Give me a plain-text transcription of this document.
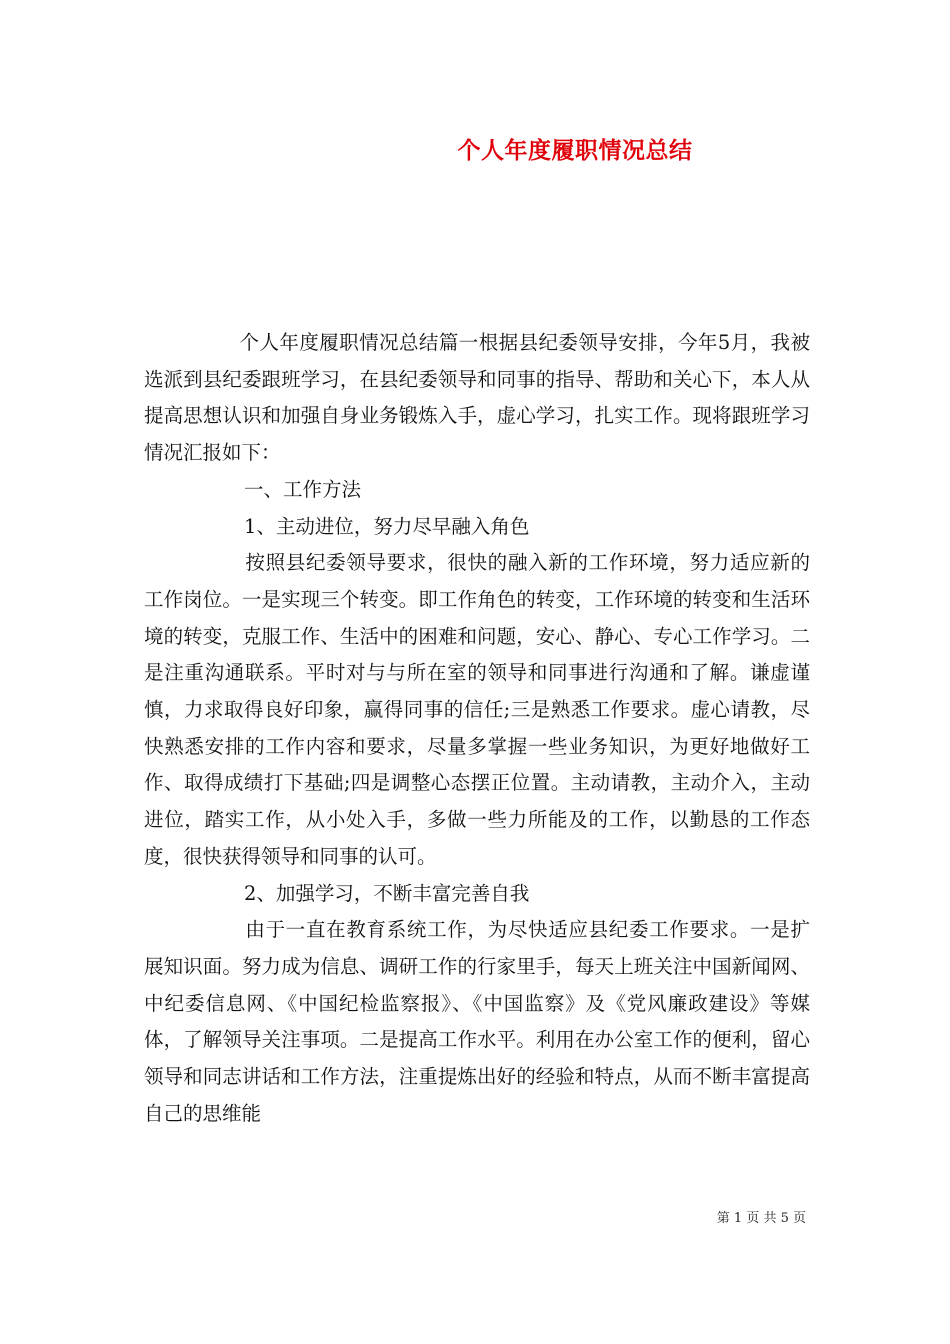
个人年度履职情况总结

个人年度履职情况总结篇一根据县纪委领导安排，今年5月，我被选派到县纪委跟班学习，在县纪委领导和同事的指导、帮助和关心下，本人从提高思想认识和加强自身业务锻炼入手，虚心学习，扎实工作。现将跟班学习情况汇报如下：

一、工作方法

1、主动进位，努力尽早融入角色

按照县纪委领导要求，很快的融入新的工作环境，努力适应新的工作岗位。一是实现三个转变。即工作角色的转变，工作环境的转变和生活环境的转变，克服工作、生活中的困难和问题，安心、静心、专心工作学习。二是注重沟通联系。平时对与与所在室的领导和同事进行沟通和了解。谦虚谨慎，力求取得良好印象，赢得同事的信任;三是熟悉工作要求。虚心请教，尽快熟悉安排的工作内容和要求，尽量多掌握一些业务知识，为更好地做好工作、取得成绩打下基础;四是调整心态摆正位置。主动请教，主动介入，主动进位，踏实工作，从小处入手，多做一些力所能及的工作，以勤恳的工作态度，很快获得领导和同事的认可。

2、加强学习，不断丰富完善自我

由于一直在教育系统工作，为尽快适应县纪委工作要求。一是扩展知识面。努力成为信息、调研工作的行家里手，每天上班关注中国新闻网、中纪委信息网、《中国纪检监察报》、《中国监察》及《党风廉政建设》等媒体，了解领导关注事项。二是提高工作水平。利用在办公室工作的便利，留心领导和同志讲话和工作方法，注重提炼出好的经验和特点，从而不断丰富提高自己的思维能

第 1 页 共 5 页
